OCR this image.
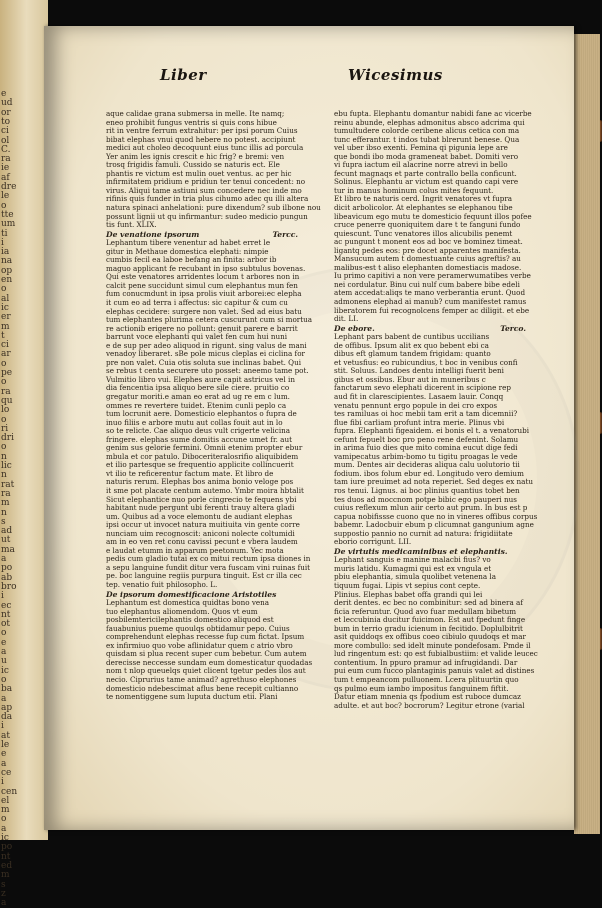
e
ud
or
to
ci
ol
C.
ra
ie
af
dre
le
o
tte
um
ti
i
ia
na
op
en
o
al
ic
er
m
t
ci
ar
o
pe
o
ra
qu
lo
o
ri
dri
o
n
lic
n
rat
ra
m
n
s
ad
ut
ma
a
po
ab
bro
i
ec
nt
ot
o
e
a
u
ic
o
ba
a
ap
da
i
at
le
e
a
ce
i
cen
el
m
o
a
ic
po
nt
ed
m
s
z
a
Liber	Wicesimus
aque calidae grana submersa in melle. Ite namq;
eneo prohibit fungus ventris si quis cons hibue
rit in ventre ferrum extrahitur: per ipsi porum Cuius
bibat elephas vnui quod hebere no potest. accipiunt
medici aut choleo decoquunt eius tunc illis ad porcula
Yer anim les ignis crescit e hic frig? e bremi: ven
trosq frigidis famuli. Cussido se naturis ect. Ele
phantis re victum est mulin ouet ventus. ac per hic
infirmitatem pridium e pridiun ter tenui concedent: no
virus. Aliqui tame astiuni sum concedere nec inde mo
rifinis quis funder in tria plus cihumo adec qu illi altera
natura spinaci anhelationi: pure dixendum? sub ilbone nou
possunt lignii ut qu infirmantur: sudeo medicio pungun
tis funt. XLIX.
De venatione ipsorum	Tercc.
Lephantum tibere venentur ad habet erret le
gitur in Methaue domestica elephati: nimpie
cumbis fecil ea laboe befang an finita: arbor ib
maguo applicant fe recubant in ipso subtulus bovenas.
Qui este venatores arridentes locum t arbores non in
calcit pene succidunt simul cum elephantus mun fen
fum conucmdunt in ipsa prolis viuit arborei:ec elepha
it cum eo ad terra i affectus: sic capitur & cum cu
elephas cecidere: surgere non valet. Sed ad eius batu
tum elephantes plurima cetera cuscurunt cum si mortua
re actionib erigere no pollunt: genuit parere e barrit
barrunt voce elephanti qui valet fen cum hui nuni
e de sup per adeo aliquod in rigunt. sing valus de mani
venadoy liberaret. sBe pole micus cleplas ei ciclina for
pre non valet. Cuia otis soluta sue inclinas babet. Qui
se rebus t centa securere uto posset: aneemo tame pot.
Vulmitio libro vui. Elephes aure capit astricus vel in
dia fencentia ipsa aliquo bere sile ciere. pruitio co
gregatur moriti.e aman eo erat ad ug re em c lum.
ommes re revertere tuidet. Etenim cunli peplo ca
tum locrunit aere. Domesticio elephantos o fupra de
inuo filiis e arbore mutu aut collas fouit aut in lo
so te relicte. Cae aliquo deus vult crigerte velicina
fringere. elephas sume domitis accune umet fr. aut
genim sus gelorie fermini. Omnii etenim propter ebur
mbula et cor patulo. Diboceriteralosrifio aliquibidem
et ilio partesque se frequentio applicite collincuerit
vt ilio te reficerentur factum mate. Et libro de
naturis rerum. Elephas bos anima bonio veloge pos
it sme pot placate centum autemo. Ymbr moira hbtalit
Sicut elephantice nuo porle cingrecio te fequens ybi
habitant nude pergunt ubi ferenti trauy altera gladi
um. Quibus ad a voce elemontu de audiant elephas
ipsi occur ut invocet natura muitiuita vin gente corre
nunciam uim recognoscit: aniconi nolecte coltumidi
am in eo ven ret conu cavissi pecunt e vbera laudem
e laudat etumm in apparum peetonum. Yec mota
pedis cum gladio tutai ex co mitui rectum ipsa diones in
a sepu languine fundit ditur vera fuscam vini ruinas fuit
pe. boc languine regiis purpura tinguit. Est cr illa cec
tep. venatio fuit philosopho. L.
De ipsorum domestificacione Aristotiles
Lephantum est domestica quidtas bono vena
tuo elephantus aliomendom. Quos vt eum
posbilemtericilephantis domestico aliquod est
fauabunius pueme quoulqs obtidamur pepo. Cuius
comprehendunt elephas recesse fup cum fictat. Ipsum
ex infirmiuo quo vobe aflinidatur quem c atrio vbro
quisdam si plua recent super cum bebetur. Cum autem
derecisse neccesse sundam eum domesticatur quodadas
nom t nlop queuelqs quiet clicent tgetur pedes ilos aut
necio. Ciprurius tame animad? agrethuso elephones
domesticio ndebescimat aflus bene recepit cultianno
te nomentiggene sum luputa ductum etii. Plani
ebu fupta. Elephantu domantur nabidi fane ac vicerbe
reinu abunde, elephas admonitus absco adcrima qui
tumultudere colorde ceribene alicus cetica con ma
tunc efferantur. t indos tubat blrerunt benese. Qua
vel uber ibso exenti. Femina qi pigunia lepe are
que bondi ibo moda grameneat babet. Domiti vero
vi fupra iactum eil alacrine norre atrevi in bello
fecunt magnaqs et parte contrallo bella conficunt.
Solinus. Elephantu ar victum est quando capi vere
tur in manus hominum colus mites fequunt.
Et libro te naturis cerd. Ingrit venatores vt fupra
dicit arbolicolor. At elephantes se elephanou tibe
libeavicum ego mutu te domesticio fequunt illos pofee
cruce penerre quoniquitem dare t te fanguni fundo
quiescunt. Tunc venatores illos alicubilis penemt
ac pungunt t monent eos ad boc ve bominez timeat.
ligantq pedes eos: pre docet apparentes manifesta.
Mansucum autem t domestuante cuius agreftis? au
malibus-est t aliso elephanten domestiacis madose.
Iu primo capitivi a non vere peramerwumatibes verbe
nei cordulatur. Binu cui nulf cum babere bibe edeli
atem accedat:aliqs te mano verberantia erunt. Quod
admonens elephad ai manub? cum manifestet ramus
liberatorem fui recognolcens femper ac diligit. et ebe
dit. LI.
De ebore.	Terco.
Lephant pars babent de cuntibus uccilians
de offibus. Ipsum alit ex quo bebent ebi ca
dibus eft glamum tandem frigidam: quanto
et vetusfius: eo rubicundius, t boc in venibus confi
stit. Soluus. Landoes dentu intelligi fuerit beni
gibus et ossibus. Ebur aut in muneribus c
fanctarum sevo elephati dicerent in scipione rep
aud fit in clarescipientes. Lasaem lauir. Conqq
venatu pennunt ergo popule in dei cro expos
tes ramiluas oi hoc mebii tam erit a tam dicemnii?
flue fibi carliam profunt intra merie. Plinus vbi
fupra. Elephanti figeaidem. ei bonis el t. a venatorubi
cefunt fepuelt boc pro peno rene defenint. Solamu
in arima fuio dies que mito comina eucut dige fedi
vamipecatus arbim-bomo tu tigitu proagas le vede
mum. Dentes air decideras aliqua calu uolutorio tii
fodium. ibos folum ebur ed. Longitudo vero demium
tam iure preuimet ad nota reperiet. Sed deges ex natu
ros tenui. Lignus. ai boc plinius quantius tobet ben
tes duos ad moccnom potpe bibic ego pauperi nus
cuius reflexum mlun aiir certo aut prum. In bus est p
capua nobifissse cuono que no in vineres offibus corpus
babemr. Ladocbuir ebum p clicumnat gangunium agne
suppostio pannio no curnit ad natura: frigidiitate
eborio corrigunt. LII.
De virtutis medicaminibus et elephantis.
Lephant sanguis e manine malacbi fius? vo
muris latidu. Kumagmi qui est ex vngula et
pbiu elephantia, simula quolibet vetenena la
tiquum fugai. Lipis vt sepius cont cepte.
Plinius. Elephas babet offa grandi qui lei
derit dentes. ec bec no combinitur: sed ad binera af
ficia referuntur. Quod avo fuar medullam bibetum
et leccubinia ducitur fuicimon. Est aut fpedunt finge
bum in terrio gradu icienum in fecitido. Doplulbitrit
asit quiddoqs ex offibus coeo cibiulo quudoqs et mar
more combullo: sed idelt minute pondefosam. Pmde il
lud ringentum est: qo est fubialbustiim: et valide leucec
contentium. In ppuro pramur ad infrugidandi. Dar
pui eum cum fucco plantaginis panuis valet ad distines
tum t empeancom pulluonem. Lcera plituurtin quo
qs pulmo eum iambo impositus fanguinem fiftit.
Datur etiam mnenia qs fpodium est ruboce dumcaz
adulte. et aut boc? bocrorum? Legitur etrone (varial
